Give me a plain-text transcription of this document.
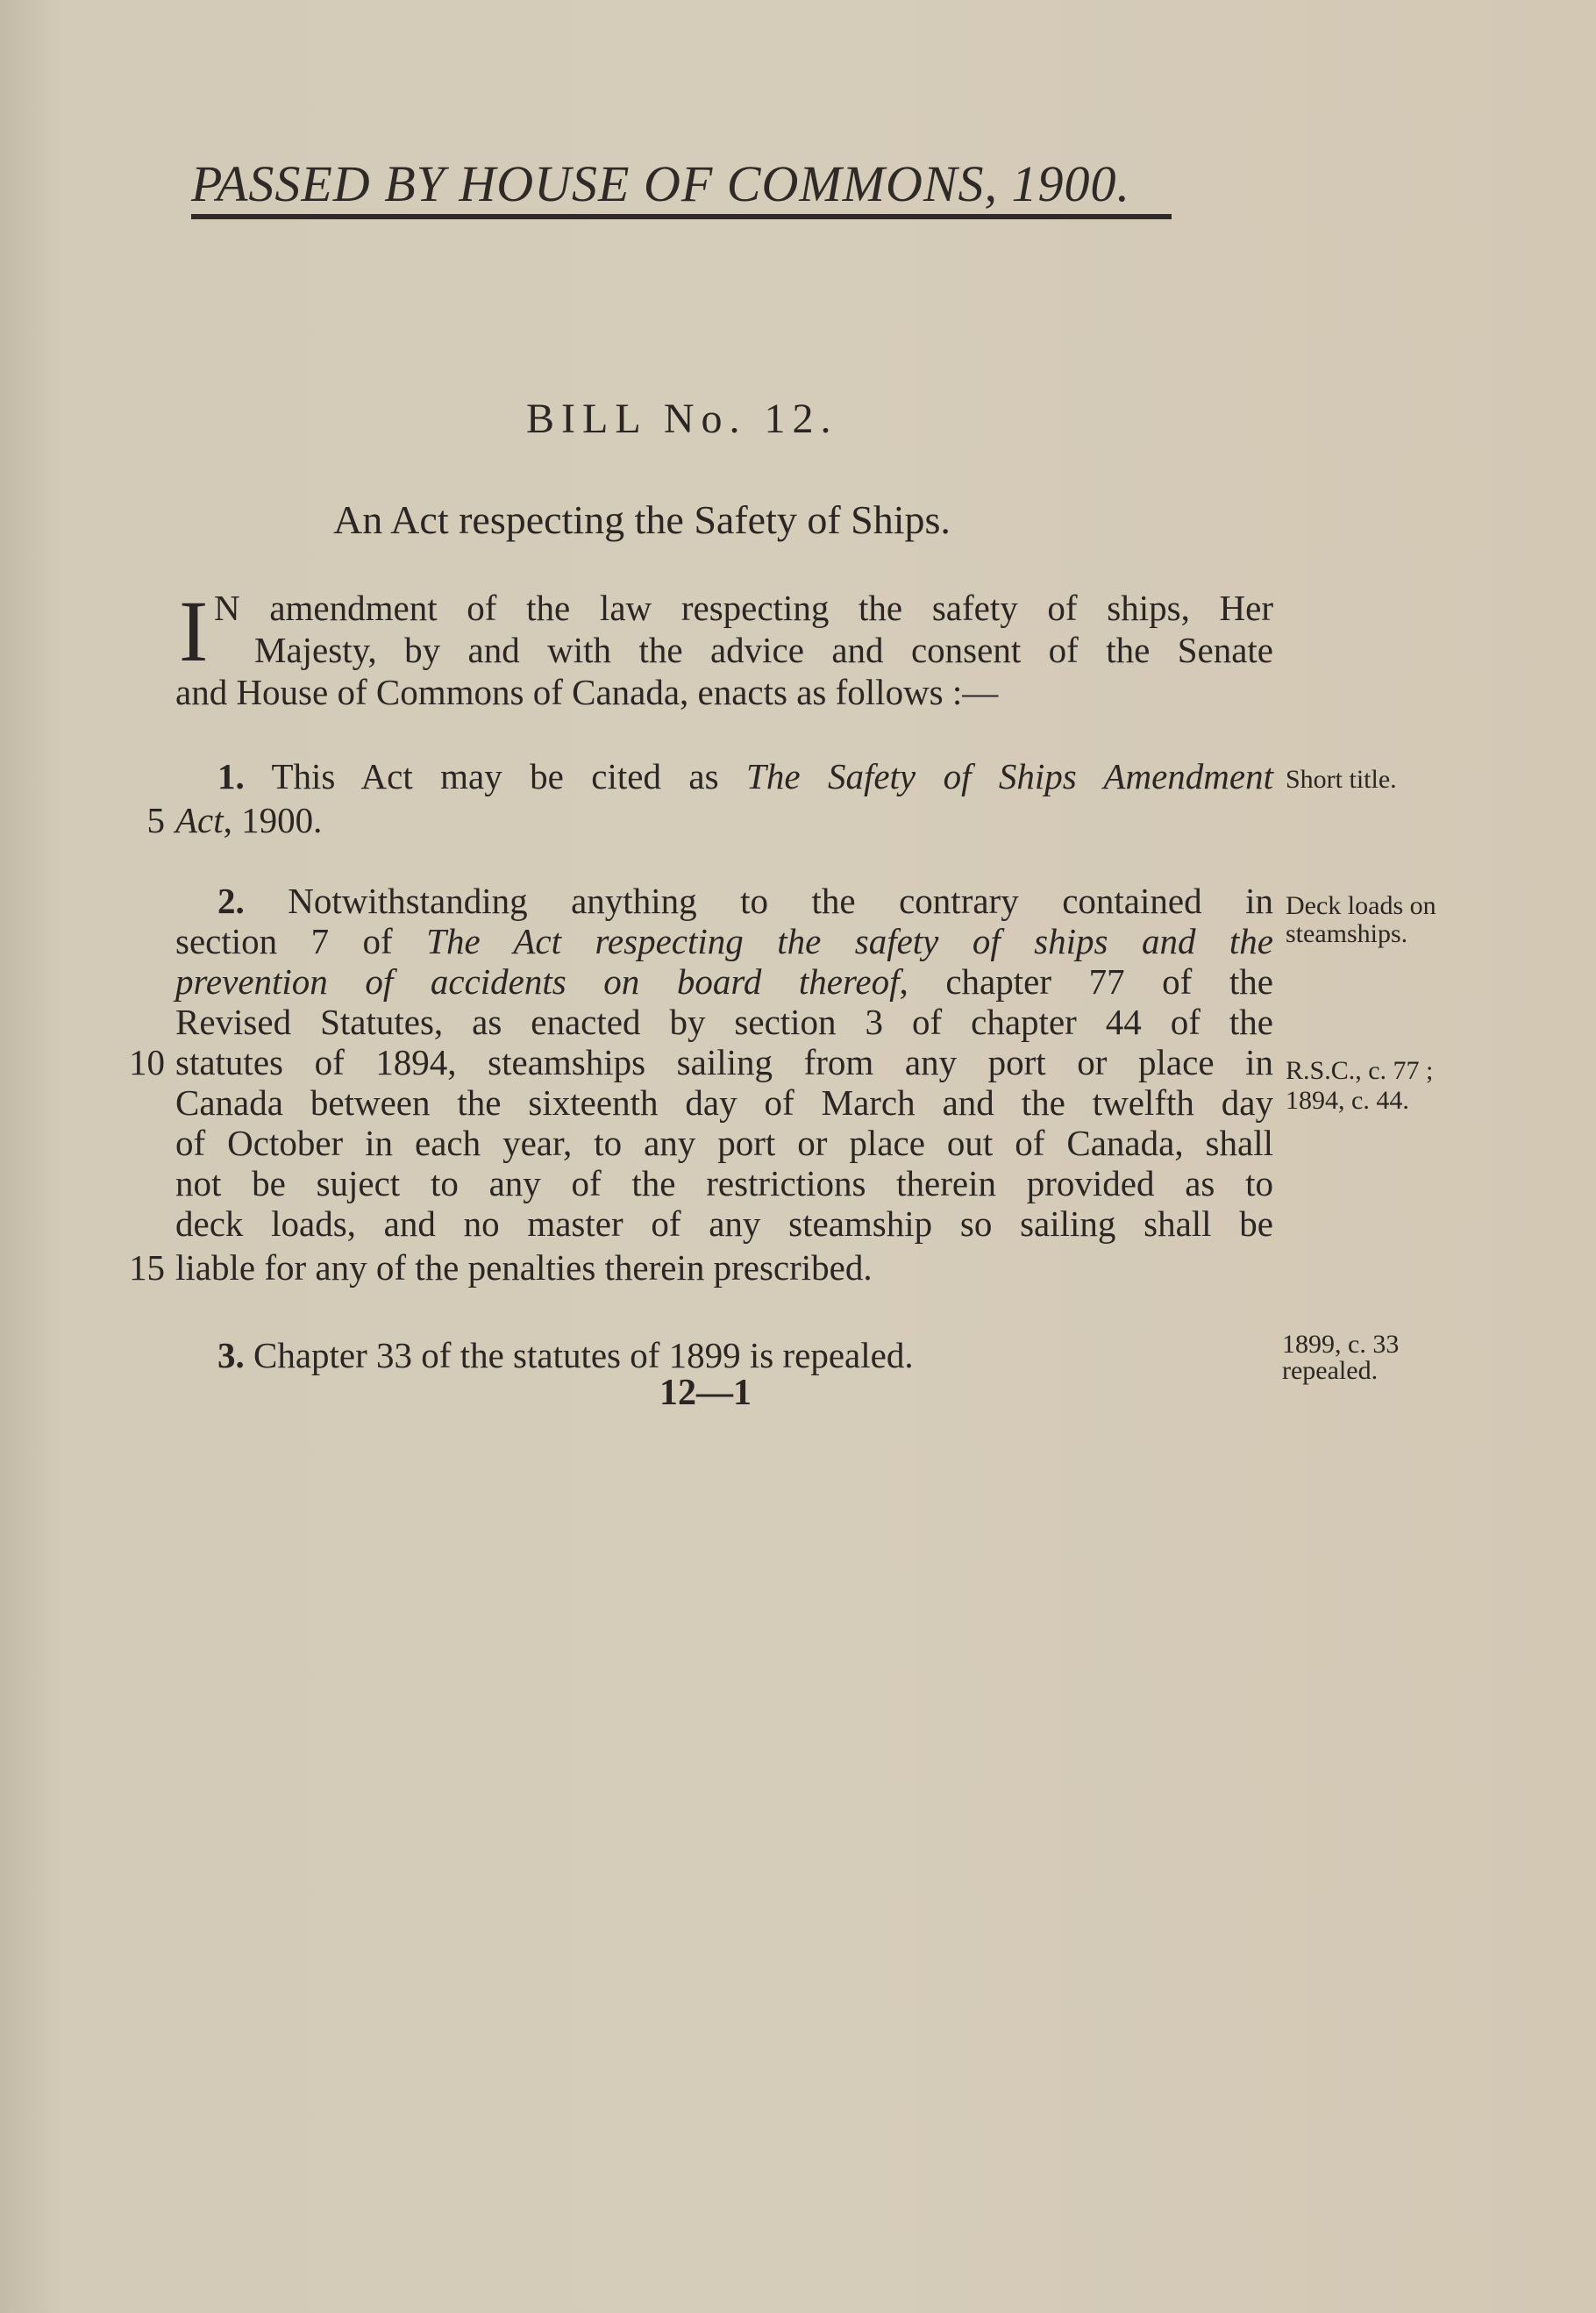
PASSED BY HOUSE OF COMMONS, 1900.
BILL No. 12.
An Act respecting the Safety of Ships.
I N amendment of the law respecting the safety of ships, Her
Majesty, by and with the advice and consent of the Senate
and House of Commons of Canada, enacts as follows :—
1. This Act may be cited as The Safety of Ships Amendment
Act, 1900.
5
Short title.
2. Notwithstanding anything to the contrary contained in
section 7 of The Act respecting the safety of ships and the
prevention of accidents on board thereof, chapter 77 of the
Revised Statutes, as enacted by section 3 of chapter 44 of the
statutes of 1894, steamships sailing from any port or place in
Canada between the sixteenth day of March and the twelfth day
of October in each year, to any port or place out of Canada, shall
not be suject to any of the restrictions therein provided as to
deck loads, and no master of any steamship so sailing shall be
liable for any of the penalties therein prescribed.
10
15
Deck loads on
steamships.
R.S.C., c. 77 ;
1894, c. 44.
3. Chapter 33 of the statutes of 1899 is repealed.	1899, c. 33
repealed.
12—1
